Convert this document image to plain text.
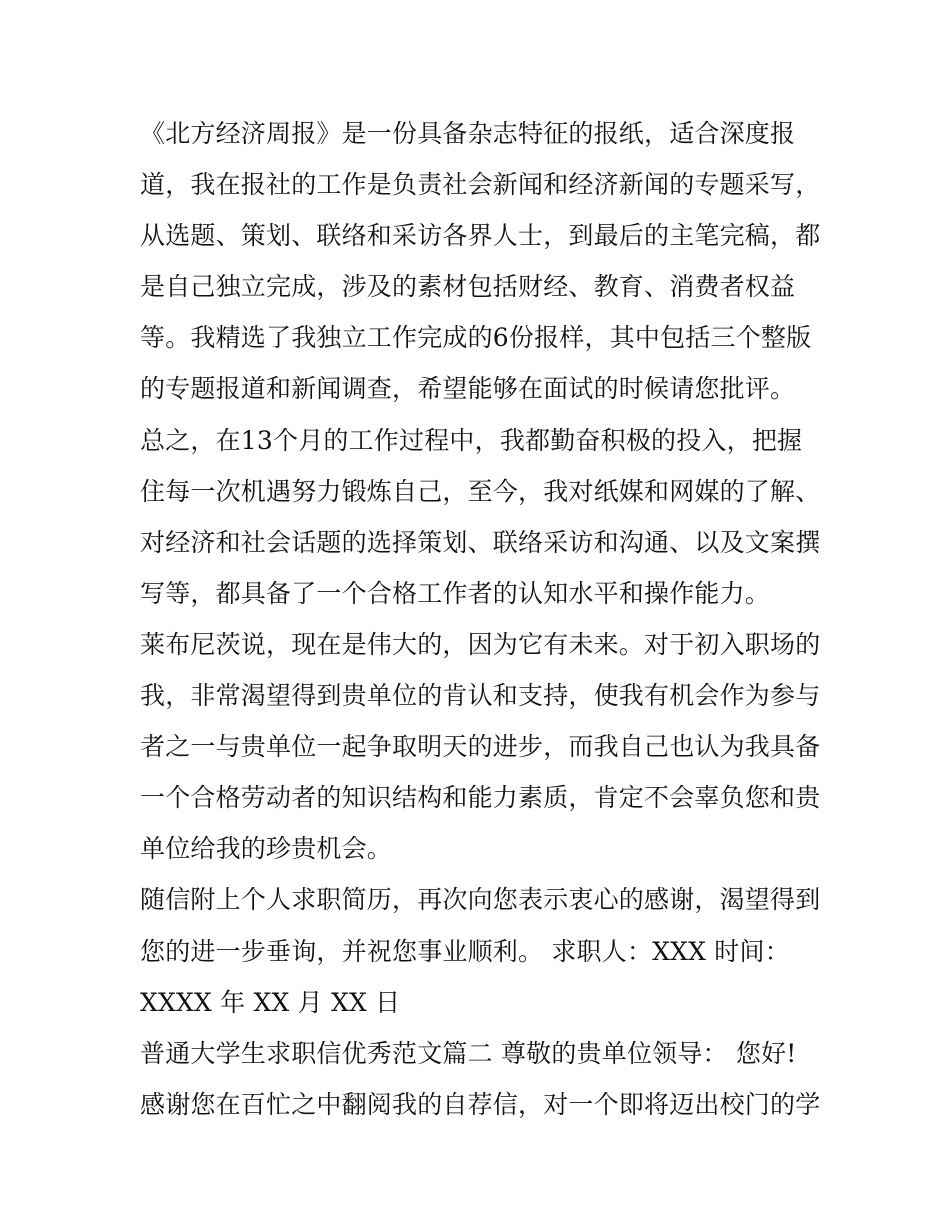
《北方经济周报》是一份具备杂志特征的报纸，适合深度报
道，我在报社的工作是负责社会新闻和经济新闻的专题采写，
从选题、策划、联络和采访各界人士，到最后的主笔完稿，都
是自己独立完成，涉及的素材包括财经、教育、消费者权益
等。我精选了我独立工作完成的6份报样，其中包括三个整版
的专题报道和新闻调查，希望能够在面试的时候请您批评。
总之，在13个月的工作过程中，我都勤奋积极的投入，把握
住每一次机遇努力锻炼自己，至今，我对纸媒和网媒的了解、
对经济和社会话题的选择策划、联络采访和沟通、以及文案撰
写等，都具备了一个合格工作者的认知水平和操作能力。
莱布尼茨说，现在是伟大的，因为它有未来。对于初入职场的
我，非常渴望得到贵单位的肯认和支持，使我有机会作为参与
者之一与贵单位一起争取明天的进步，而我自己也认为我具备
一个合格劳动者的知识结构和能力素质，肯定不会辜负您和贵
单位给我的珍贵机会。
随信附上个人求职简历，再次向您表示衷心的感谢，渴望得到
您的进一步垂询，并祝您事业顺利。 求职人：XXX 时间：
XXXX 年 XX 月 XX 日
普通大学生求职信优秀范文篇二 尊敬的贵单位领导： 您好!
感谢您在百忙之中翻阅我的自荐信，对一个即将迈出校门的学
